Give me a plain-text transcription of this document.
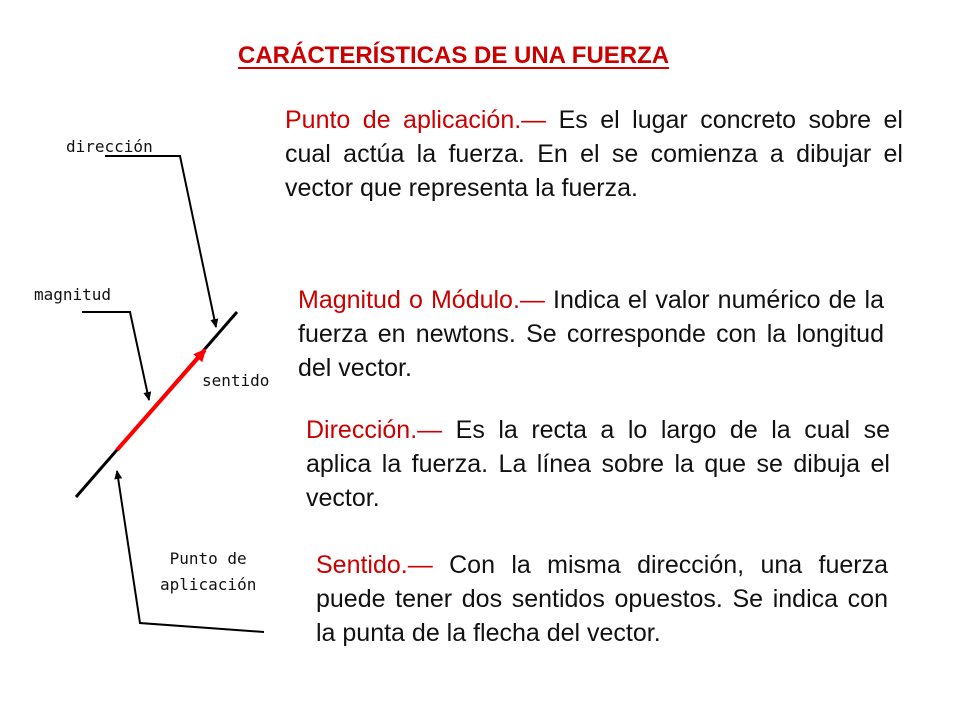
CARÁCTERÍSTICAS DE UNA FUERZA
dirección
magnitud
sentido
Punto de
aplicación

Punto de aplicación.— Es el lugar concreto sobre el cual actúa la fuerza. En el se comienza a dibujar el vector que representa la fuerza.

Magnitud o Módulo.— Indica el valor numérico de la fuerza en newtons. Se corresponde con la longitud del vector.

Dirección.— Es la recta a lo largo de la cual se aplica la fuerza. La línea sobre la que se dibuja el vector.

Sentido.— Con la misma dirección, una fuerza puede tener dos sentidos opuestos. Se indica con la punta de la flecha del vector.
